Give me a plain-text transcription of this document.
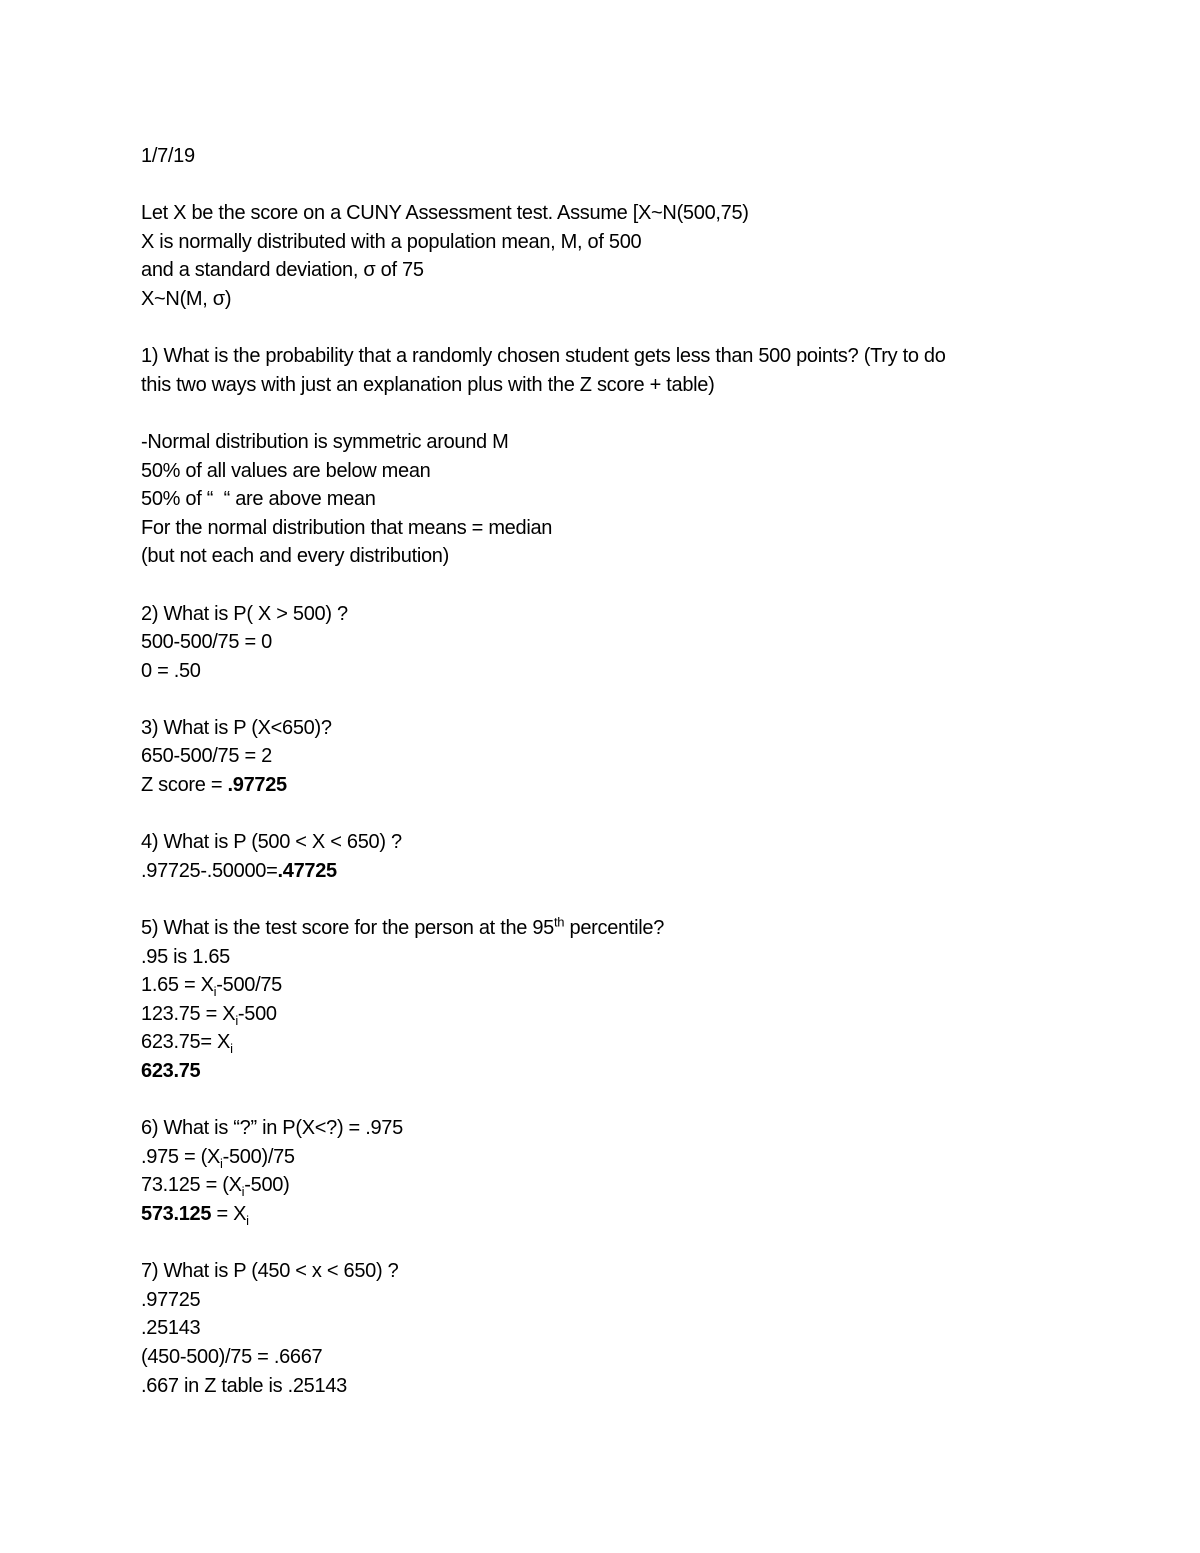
1/7/19
Let X be the score on a CUNY Assessment test. Assume [X~N(500,75)
X is normally distributed with a population mean, M, of 500
and a standard deviation, σ of 75
X~N(M, σ)
1) What is the probability that a randomly chosen student gets less than 500 points? (Try to do
this two ways with just an explanation plus with the Z score + table)
-Normal distribution is symmetric around M
50% of all values are below mean
50% of “  “ are above mean
For the normal distribution that means = median
(but not each and every distribution)
2) What is P( X > 500) ?
500-500/75 = 0
0 = .50
3) What is P (X<650)?
650-500/75 = 2
Z score = .97725
4) What is P (500 < X < 650) ?
.97725-.50000=.47725
5) What is the test score for the person at the 95th percentile?
.95 is 1.65
$1.65 = X_i-500/75$
$123.75 = X_i-500$
$623.75= X_i$
623.75
6) What is “?” in P(X<?) = .975
$.975 = (X_i-500)/75$
$73.125 = (X_i-500)$
$573.125 = X_i$
7) What is P (450 < x < 650) ?
.97725
.25143
(450-500)/75 = .6667
.667 in Z table is .25143
